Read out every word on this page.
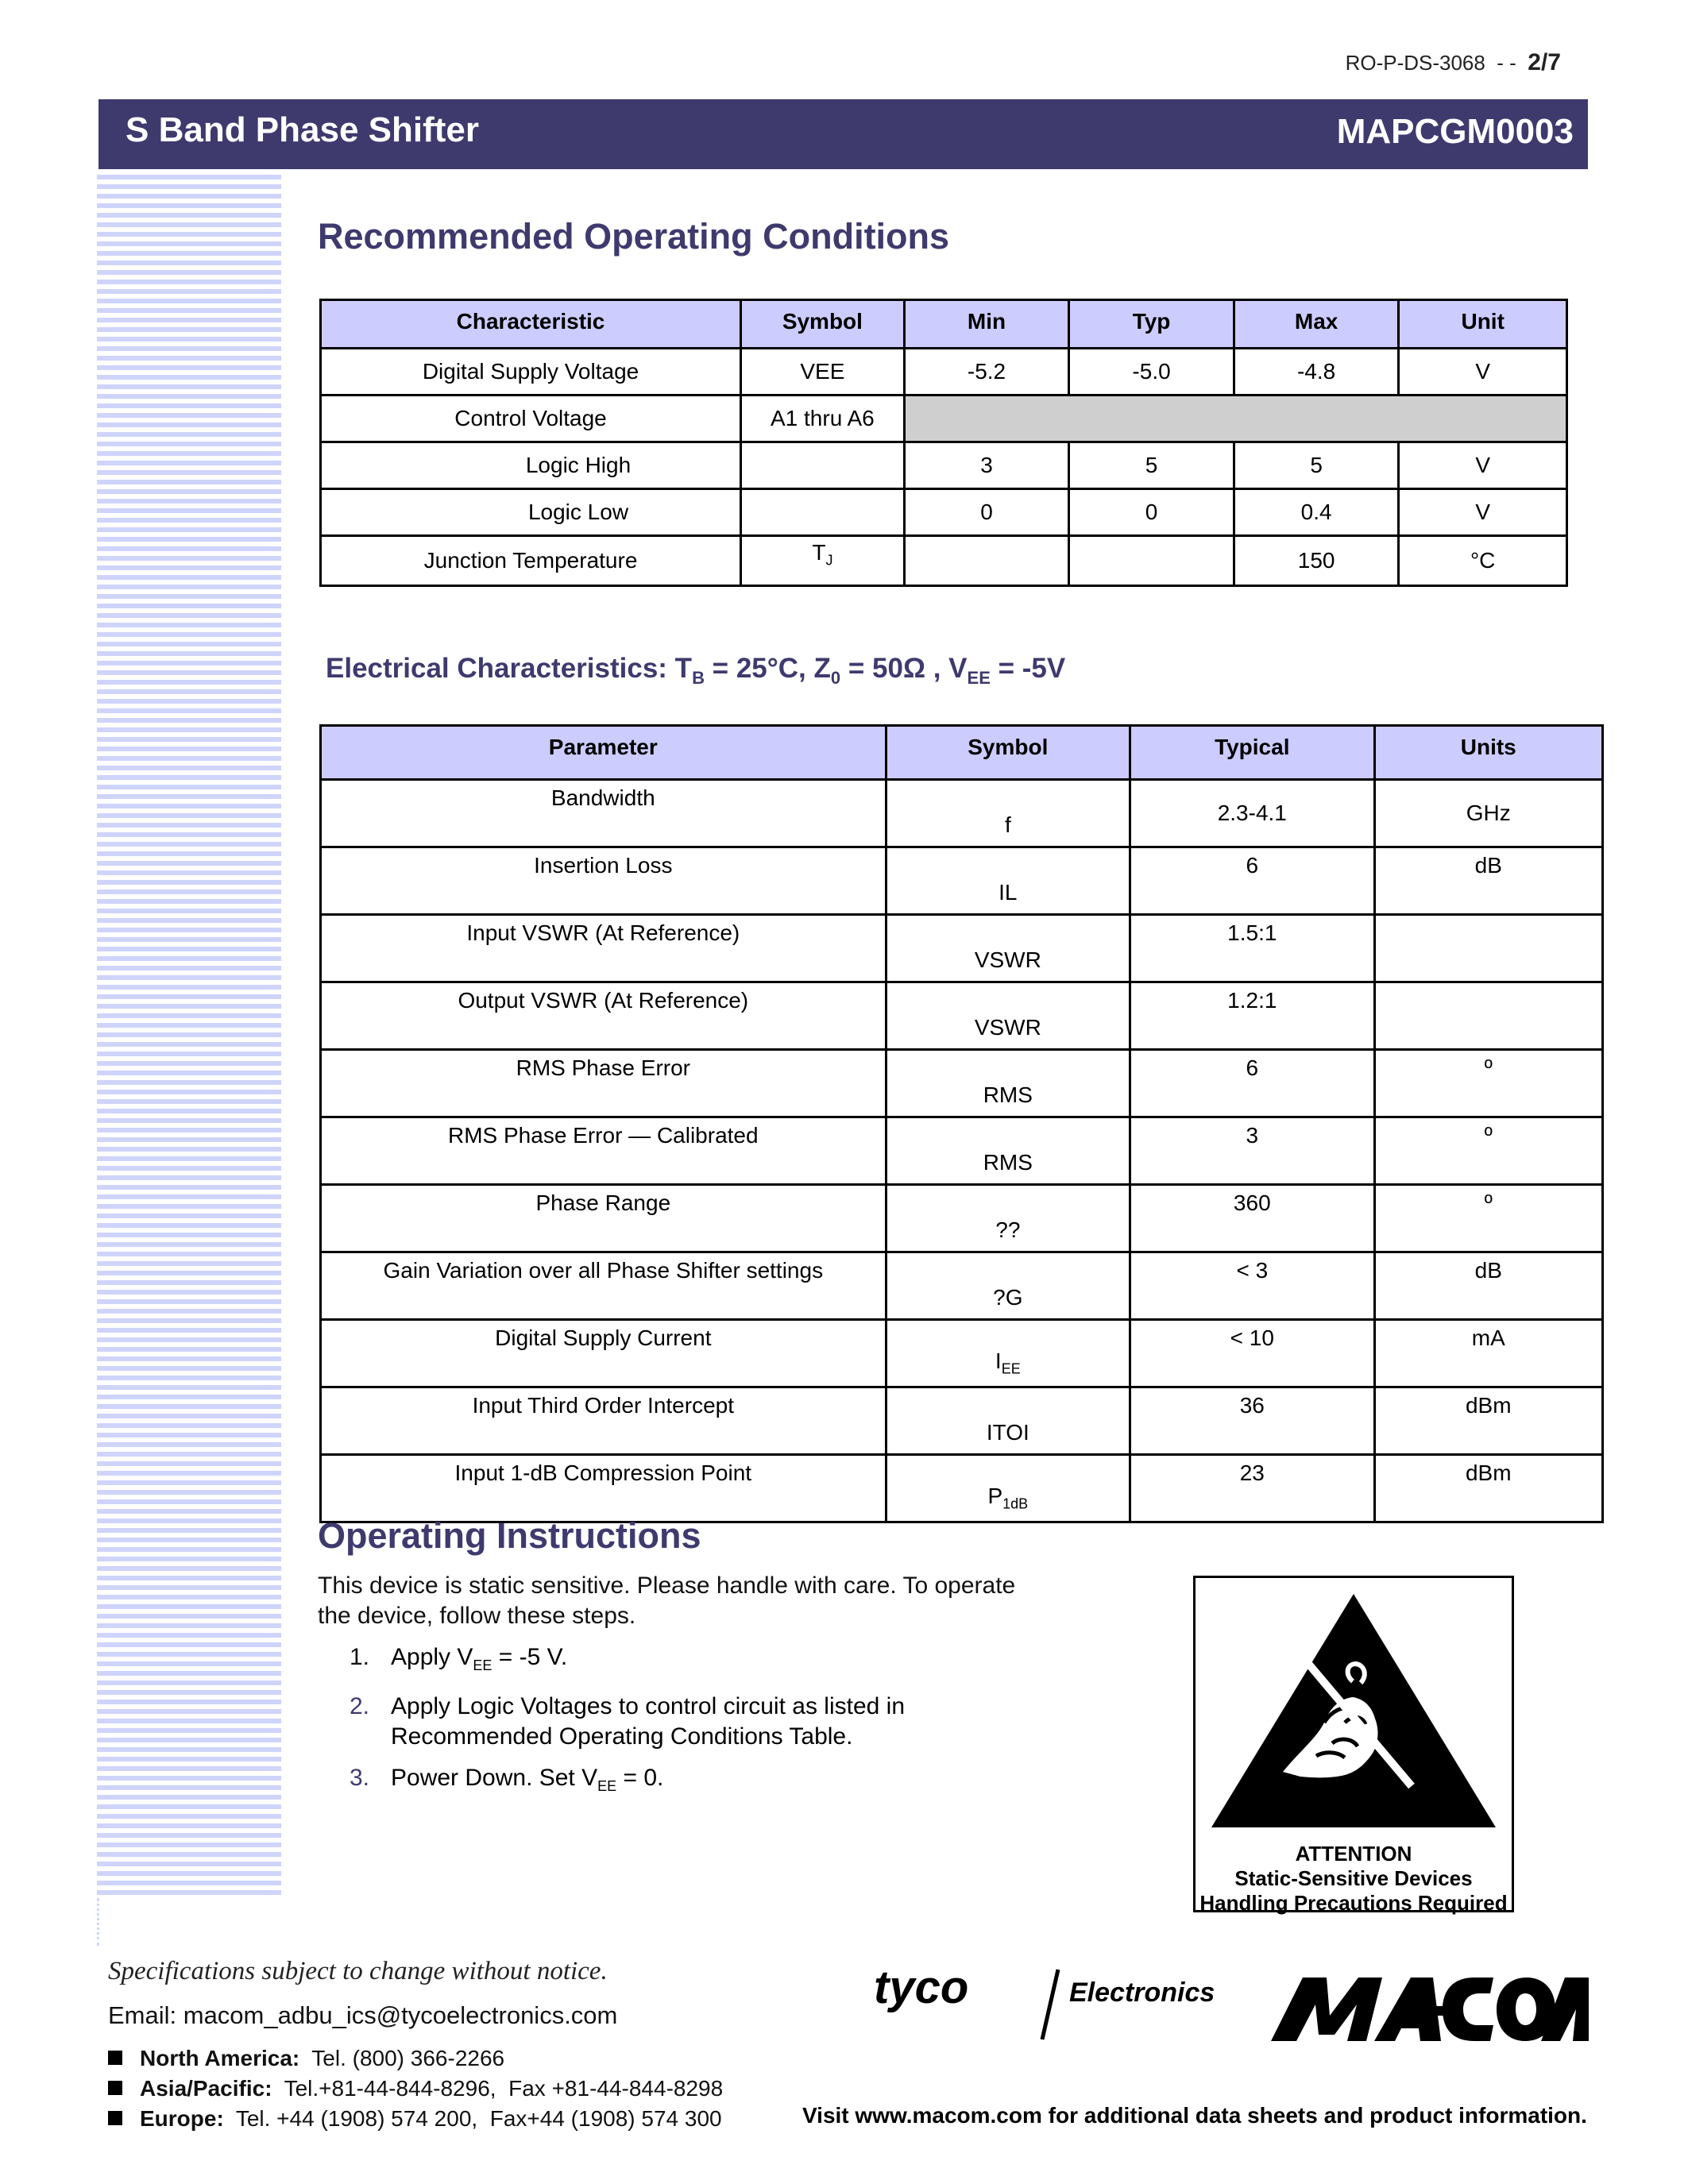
RO-P-DS-3068  - - 2/7
S Band Phase Shifter	MAPCGM0003
Recommended Operating Conditions
Characteristic	Symbol	Min	Typ	Max	Unit
Digital Supply Voltage	VEE	-5.2	-5.0	-4.8	V
Control Voltage	A1 thru A6				
Logic High		3	5	5	V
Logic Low		0	0	0.4	V
Junction Temperature	$T_J$			150	°C
Electrical Characteristics: $T_B = 25^\circ C$, $Z_0 = 50\Omega$ , $V_{EE} = -5V$
Parameter	Symbol	Typical	Units
Bandwidth	f	2.3-4.1	GHz
Insertion Loss	IL	6	dB
Input VSWR (At Reference)	VSWR	1.5:1	
Output VSWR (At Reference)	VSWR	1.2:1	
RMS Phase Error	RMS	6	º
RMS Phase Error — Calibrated	RMS	3	º
Phase Range	??	360	º
Gain Variation over all Phase Shifter settings	?G	< 3	dB
Digital Supply Current	$I_{EE}$	< 10	mA
Input Third Order Intercept	ITOI	36	dBm
Input 1-dB Compression Point	$P_{1dB}$	23	dBm
Operating Instructions
This device is static sensitive. Please handle with care. To operate the device, follow these steps.
1. Apply $V_{EE} = -5$ V.
2. Apply Logic Voltages to control circuit as listed in Recommended Operating Conditions Table.
3. Power Down. Set $V_{EE} = 0$.
ATTENTION
Static-Sensitive Devices
Handling Precautions Required
Specifications subject to change without notice.
Email: macom_adbu_ics@tycoelectronics.com
North America:  Tel. (800) 366-2266
Asia/Pacific:  Tel.+81-44-844-8296,  Fax +81-44-844-8298
Europe:  Tel. +44 (1908) 574 200,  Fax+44 (1908) 574 300
tyco	Electronics
M/A-COM
Visit www.macom.com for additional data sheets and product information.
